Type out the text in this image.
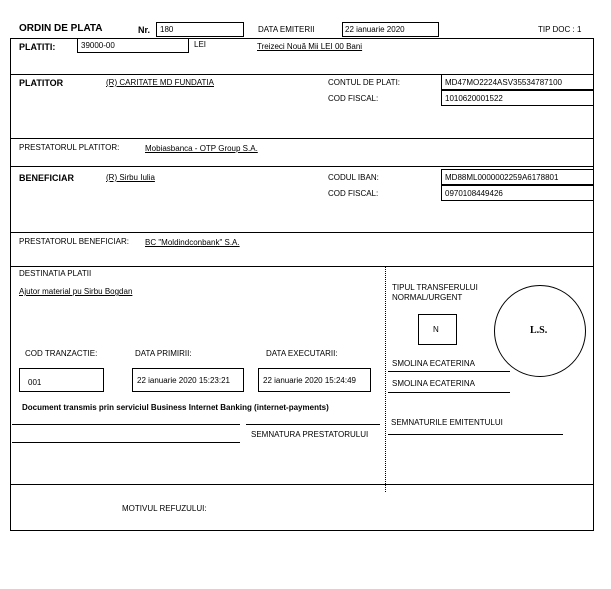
ORDIN DE PLATA	Nr. 180	DATA EMITERII	22 ianuarie 2020	TIP DOC : 1
PLATITI:	39000-00	LEI	Treizeci Nouă Mii LEI 00 Bani
PLATITOR	(R) CARITATE MD FUNDATIA	CONTUL DE PLATI:	MD47MO2224ASV35534787100
COD FISCAL:	1010620001522
PRESTATORUL PLATITOR:	Mobiasbanca - OTP Group S.A.
BENEFICIAR	(R) Sirbu Iulia	CODUL IBAN:	MD88ML0000002259A6178801
COD FISCAL:	0970108449426
PRESTATORUL BENEFICIAR: BC "Moldindconbank" S.A.
DESTINATIA PLATII
Ajutor material pu Sirbu Bogdan	TIPUL TRANSFERULUI
NORMAL/URGENT
N	L.S.
COD TRANZACTIE:	DATA PRIMIRII:	DATA EXECUTARII:
001	22 ianuarie 2020 15:23:21	22 ianuarie 2020 15:24:49
SMOLINA ECATERINA
SMOLINA ECATERINA
Document transmis prin serviciul Business Internet Banking (internet-payments)
SEMNATURA PRESTATORULUI
SEMNATURILE EMITENTULUI
MOTIVUL REFUZULUI:
